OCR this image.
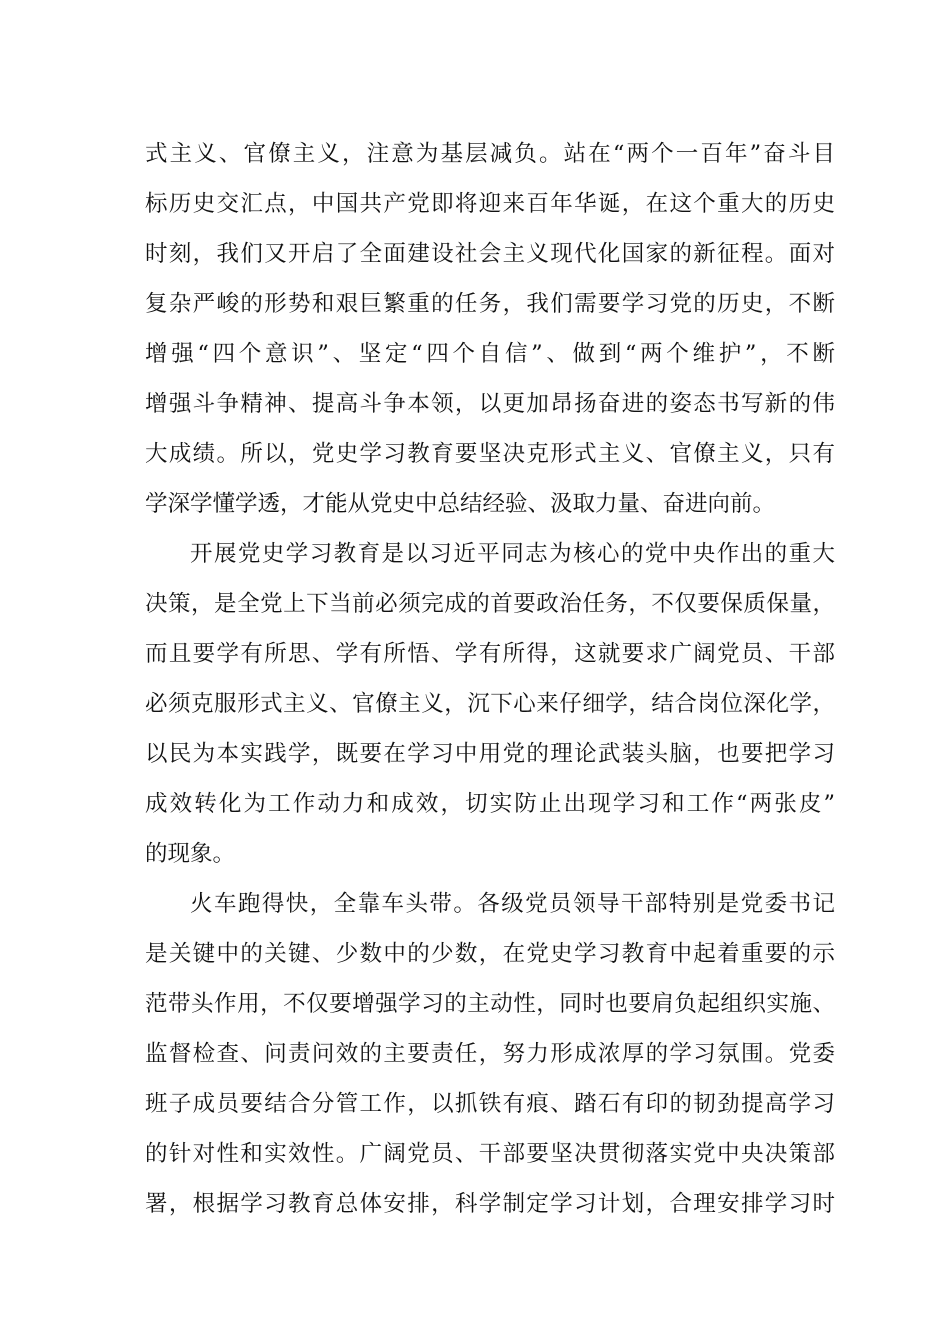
式主义、官僚主义，注意为基层减负。站在“两个一百年”奋斗目
标历史交汇点，中国共产党即将迎来百年华诞，在这个重大的历史
时刻，我们又开启了全面建设社会主义现代化国家的新征程。面对
复杂严峻的形势和艰巨繁重的任务，我们需要学习党的历史，不断
增强“四个意识”、坚定“四个自信”、做到“两个维护”，不断
增强斗争精神、提高斗争本领，以更加昂扬奋进的姿态书写新的伟
大成绩。所以，党史学习教育要坚决克形式主义、官僚主义，只有
学深学懂学透，才能从党史中总结经验、汲取力量、奋进向前。
开展党史学习教育是以习近平同志为核心的党中央作出的重大
决策，是全党上下当前必须完成的首要政治任务，不仅要保质保量，
而且要学有所思、学有所悟、学有所得，这就要求广阔党员、干部
必须克服形式主义、官僚主义，沉下心来仔细学，结合岗位深化学，
以民为本实践学，既要在学习中用党的理论武装头脑，也要把学习
成效转化为工作动力和成效，切实防止出现学习和工作“两张皮”
的现象。
火车跑得快，全靠车头带。各级党员领导干部特别是党委书记
是关键中的关键、少数中的少数，在党史学习教育中起着重要的示
范带头作用，不仅要增强学习的主动性，同时也要肩负起组织实施、
监督检查、问责问效的主要责任，努力形成浓厚的学习氛围。党委
班子成员要结合分管工作，以抓铁有痕、踏石有印的韧劲提高学习
的针对性和实效性。广阔党员、干部要坚决贯彻落实党中央决策部
署，根据学习教育总体安排，科学制定学习计划，合理安排学习时
